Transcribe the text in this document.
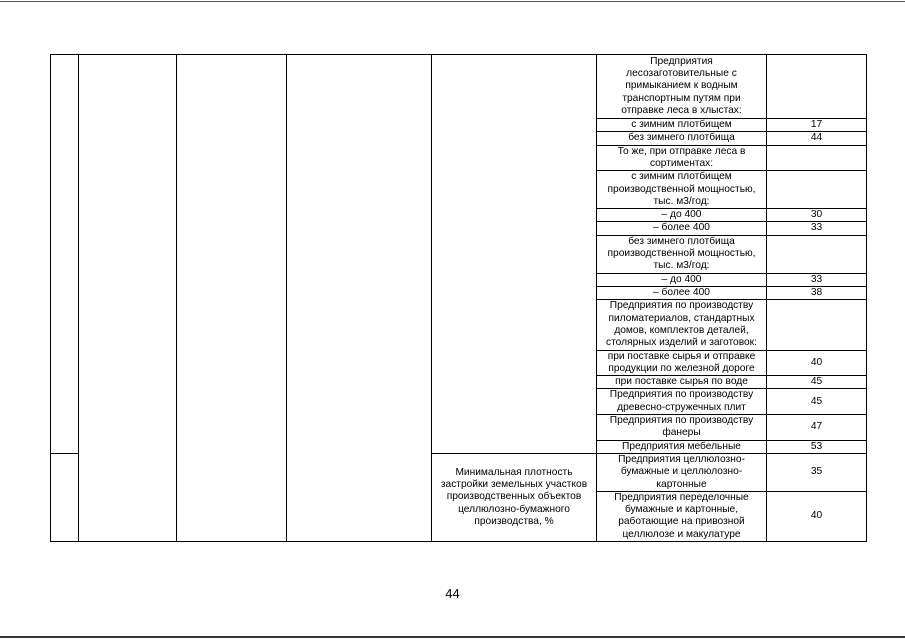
					Предприятия лесозаготовительные с примыканием к водным транспортным путям при отправке леса в хлыстах:	
					с зимним плотбищем	17
					без зимнего плотбища	44
					То же, при отправке леса в сортиментах:	
					с зимним плотбищем производственной мощностью, тыс. м3/год:	
					– до 400	30
					– более 400	33
					без зимнего плотбища производственной мощностью, тыс. м3/год:	
					– до 400	33
					– более 400	38
					Предприятия по производству пиломатериалов, стандартных домов, комплектов деталей, столярных изделий и заготовок:	
					при поставке сырья и отправке продукции по железной дороге	40
					при поставке сырья по воде	45
					Предприятия по производству древесно-стружечных плит	45
					Предприятия по производству фанеры	47
					Предприятия мебельные	53
				Минимальная плотность застройки земельных участков производственных объектов целлюлозно-бумажного производства, %	Предприятия целлюлозно-бумажные и целлюлозно-картонные	35
					Предприятия переделочные бумажные и картонные, работающие на привозной целлюлозе и макулатуре	40
44
